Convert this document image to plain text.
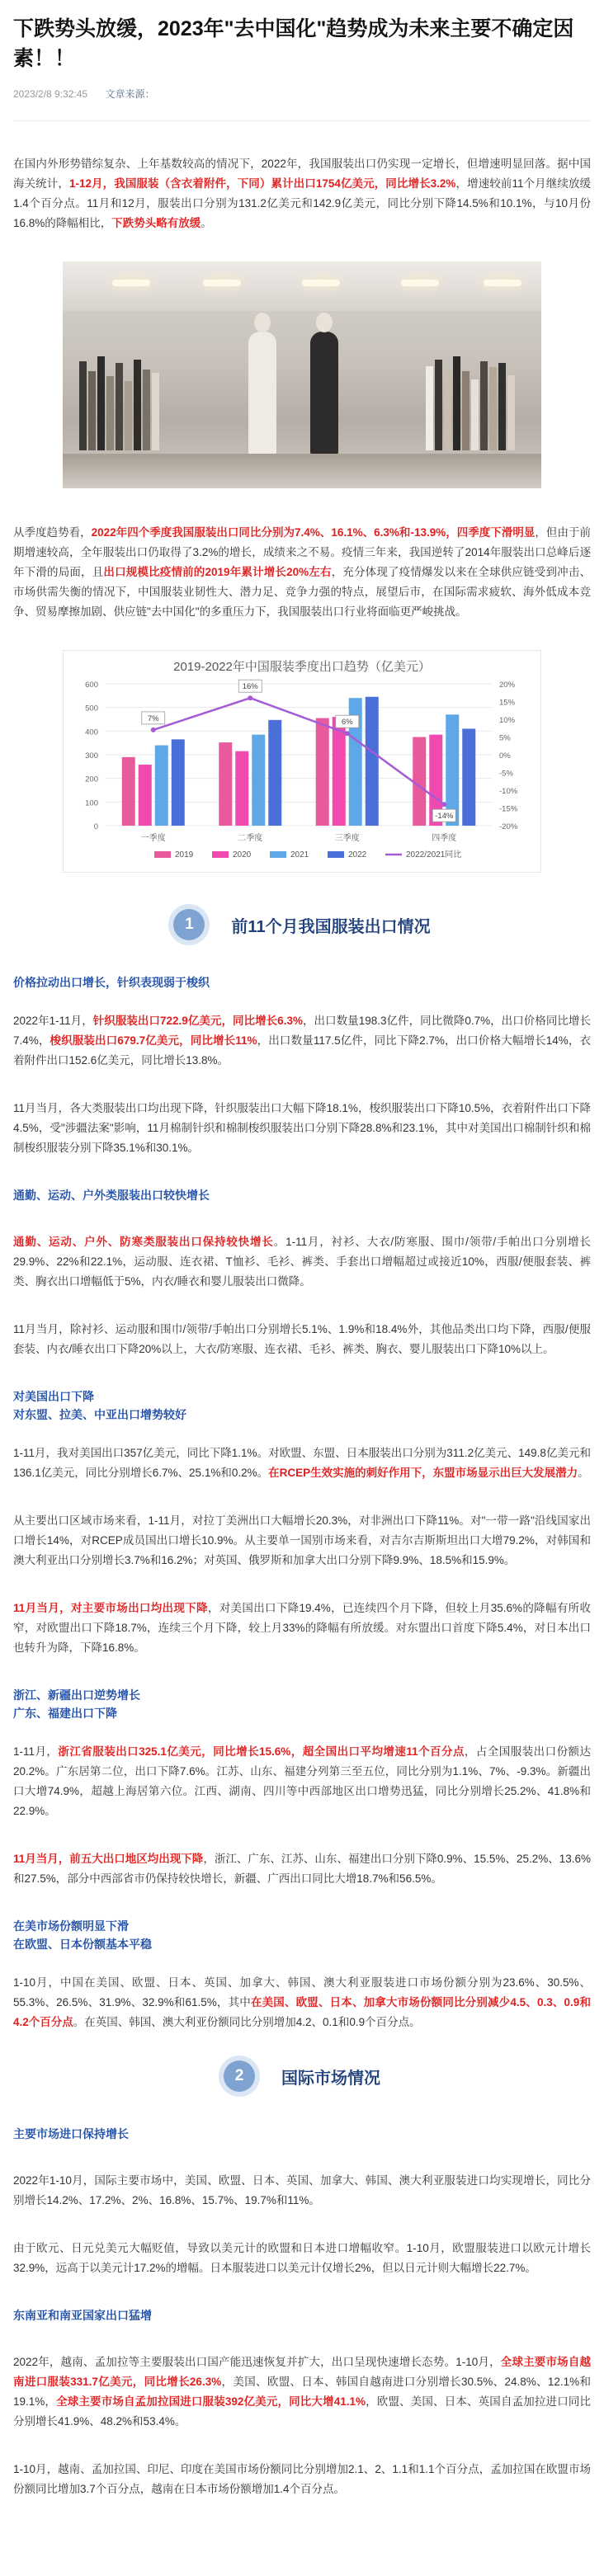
下跌势头放缓，2023年"去中国化"趋势成为未来主要不确定因素！！
2023/2/8 9:32:45 文章来源：

在国内外形势错综复杂、上年基数较高的情况下，2022年，我国服装出口仍实现一定增长，但增速明显回落。据中国海关统计，1-12月，我国服装（含衣着附件，下同）累计出口1754亿美元，同比增长3.2%，增速较前11个月继续放缓1.4个百分点。11月和12月，服装出口分别为131.2亿美元和142.9亿美元，同比分别下降14.5%和10.1%，与10月份16.8%的降幅相比，下跌势头略有放缓。

从季度趋势看，2022年四个季度我国服装出口同比分别为7.4%、16.1%、6.3%和-13.9%，四季度下滑明显，但由于前期增速较高，全年服装出口仍取得了3.2%的增长，成绩来之不易。疫情三年来，我国逆转了2014年服装出口总峰后逐年下滑的局面，且出口规模比疫情前的2019年累计增长20%左右，充分体现了疫情爆发以来在全球供应链受到冲击、市场供需失衡的情况下，中国服装业韧性大、潜力足、竞争力强的特点，展望后市，在国际需求疲软、海外低成本竞争、贸易摩擦加剧、供应链"去中国化"的多重压力下，我国服装出口行业将面临更严峻挑战。

2019-2022年中国服装季度出口趋势（亿美元）
0
100
200
300
400
500
600
-20%
-15%
-10%
-5%
0%
5%
10%
15%
20%
7%
16%
6%
-14%
一季度	二季度	三季度	四季度
2019	2020	2021	2022	2022/2021同比
1	前11个月我国服装出口情况
价格拉动出口增长，针织表现弱于梭织

2022年1-11月，针织服装出口722.9亿美元，同比增长6.3%，出口数量198.3亿件，同比微降0.7%，出口价格同比增长7.4%，梭织服装出口679.7亿美元，同比增长11%，出口数量117.5亿件，同比下降2.7%，出口价格大幅增长14%，衣着附件出口152.6亿美元，同比增长13.8%。

11月当月，各大类服装出口均出现下降，针织服装出口大幅下降18.1%，梭织服装出口下降10.5%，衣着附件出口下降4.5%，受"涉疆法案"影响，11月棉制针织和棉制梭织服装出口分别下降28.8%和23.1%，其中对美国出口棉制针织和棉制梭织服装分别下降35.1%和30.1%。

通勤、运动、户外类服装出口较快增长

通勤、运动、户外、防寒类服装出口保持较快增长。1-11月，衬衫、大衣/防寒服、围巾/领带/手帕出口分别增长29.9%、22%和22.1%，运动服、连衣裙、T恤衫、毛衫、裤类、手套出口增幅超过或接近10%，西服/便服套装、裤类、胸衣出口增幅低于5%，内衣/睡衣和婴儿服装出口微降。

11月当月，除衬衫、运动服和围巾/领带/手帕出口分别增长5.1%、1.9%和18.4%外，其他品类出口均下降，西服/便服套装、内衣/睡衣出口下降20%以上，大衣/防寒服、连衣裙、毛衫、裤类、胸衣、婴儿服装出口下降10%以上。

对美国出口下降
对东盟、拉美、中亚出口增势较好

1-11月，我对美国出口357亿美元，同比下降1.1%。对欧盟、东盟、日本服装出口分别为311.2亿美元、149.8亿美元和136.1亿美元，同比分别增长6.7%、25.1%和0.2%。在RCEP生效实施的刺好作用下，东盟市场显示出巨大发展潜力。

从主要出口区域市场来看，1-11月，对拉丁美洲出口大幅增长20.3%，对非洲出口下降11%。对"一带一路"沿线国家出口增长14%，对RCEP成员国出口增长10.9%。从主要单一国别市场来看，对吉尔吉斯斯坦出口大增79.2%，对韩国和澳大利亚出口分别增长3.7%和16.2%；对英国、俄罗斯和加拿大出口分别下降9.9%、18.5%和15.9%。

11月当月，对主要市场出口均出现下降，对美国出口下降19.4%，已连续四个月下降，但较上月35.6%的降幅有所收窄，对欧盟出口下降18.7%，连续三个月下降，较上月33%的降幅有所放缓。对东盟出口首度下降5.4%，对日本出口也转升为降，下降16.8%。

浙江、新疆出口逆势增长
广东、福建出口下降

1-11月，浙江省服装出口325.1亿美元，同比增长15.6%，超全国出口平均增速11个百分点，占全国服装出口份额达20.2%。广东居第二位，出口下降7.6%。江苏、山东、福建分列第三至五位，同比分别为1.1%、7%、-9.3%。新疆出口大增74.9%，超越上海居第六位。江西、湖南、四川等中西部地区出口增势迅猛，同比分别增长25.2%、41.8%和22.9%。

11月当月，前五大出口地区均出现下降，浙江、广东、江苏、山东、福建出口分别下降0.9%、15.5%、25.2%、13.6%和27.5%，部分中西部省市仍保持较快增长，新疆、广西出口同比大增18.7%和56.5%。

在美市场份额明显下滑
在欧盟、日本份额基本平稳

1-10月，中国在美国、欧盟、日本、英国、加拿大、韩国、澳大利亚服装进口市场份额分别为23.6%、30.5%、55.3%、26.5%、31.9%、32.9%和61.5%，其中在美国、欧盟、日本、加拿大市场份额同比分别减少4.5、0.3、0.9和4.2个百分点。在英国、韩国、澳大利亚份额同比分别增加4.2、0.1和0.9个百分点。

2	国际市场情况
主要市场进口保持增长

2022年1-10月，国际主要市场中，美国、欧盟、日本、英国、加拿大、韩国、澳大利亚服装进口均实现增长，同比分别增长14.2%、17.2%、2%、16.8%、15.7%、19.7%和11%。

由于欧元、日元兑美元大幅贬值，导致以美元计的欧盟和日本进口增幅收窄。1-10月，欧盟服装进口以欧元计增长32.9%，远高于以美元计17.2%的增幅。日本服装进口以美元计仅增长2%，但以日元计则大幅增长22.7%。

东南亚和南亚国家出口猛增

2022年，越南、孟加拉等主要服装出口国产能迅速恢复并扩大，出口呈现快速增长态势。1-10月，全球主要市场自越南进口服装331.7亿美元，同比增长26.3%，美国、欧盟、日本、韩国自越南进口分别增长30.5%、24.8%、12.1%和19.1%，全球主要市场自孟加拉国进口服装392亿美元，同比大增41.1%，欧盟、美国、日本、英国自孟加拉进口同比分别增长41.9%、48.2%和53.4%。

1-10月，越南、孟加拉国、印尼、印度在美国市场份额同比分别增加2.1、2、1.1和1.1个百分点，孟加拉国在欧盟市场份额同比增加3.7个百分点，越南在日本市场份额增加1.4个百分点。
